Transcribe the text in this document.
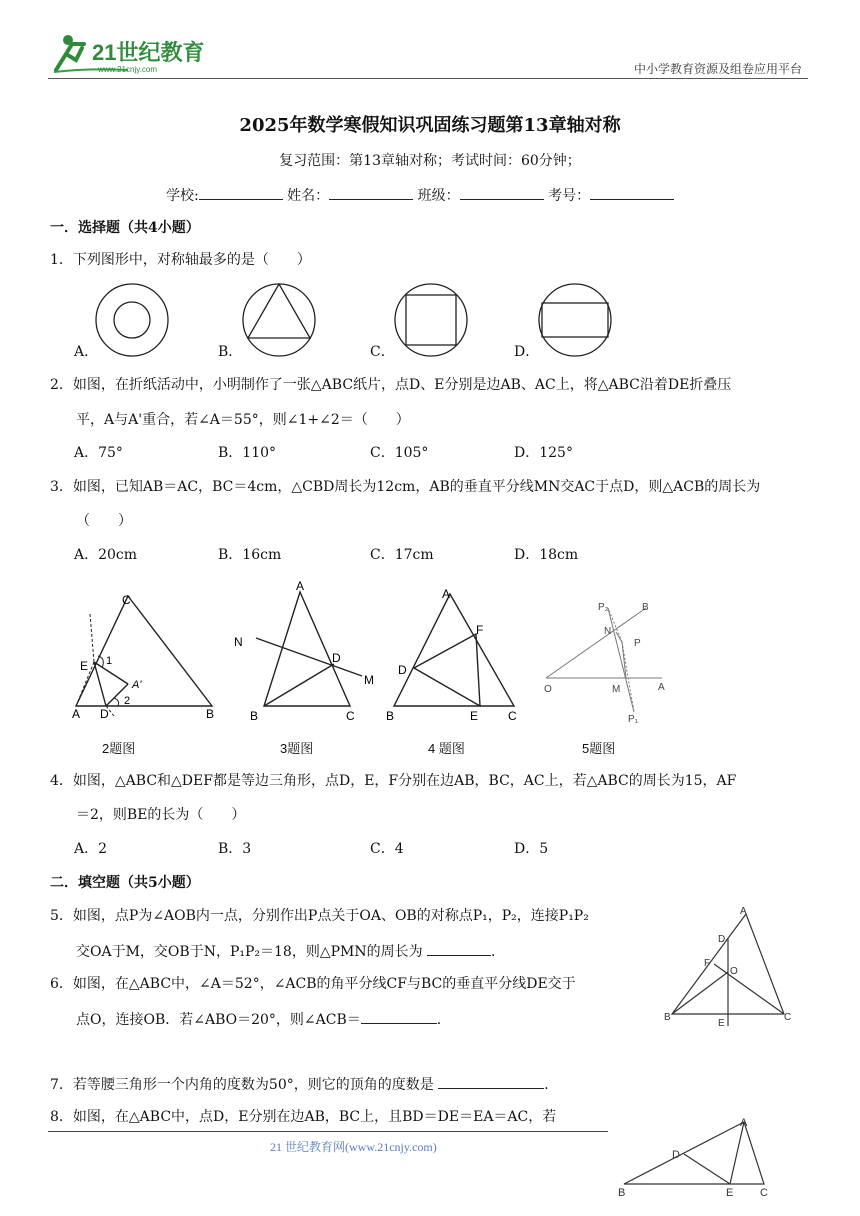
21世纪教育
www.21cnjy.com	中小学教育资源及组卷应用平台
2025年数学寒假知识巩固练习题第13章轴对称
复习范围：第13章轴对称；考试时间：60分钟；
学校:	姓名：	班级：	考号：
一．选择题（共4小题）
1．下列图形中，对称轴最多的是（　　）
A．	B．	C．	D．
2．如图，在折纸活动中，小明制作了一张△ABC纸片，点D、E分别是边AB、AC上，将△ABC沿着DE折叠压
平，A与A'重合，若∠A＝55°，则∠1+∠2＝（　　）
A．75°	B．110°	C．105°	D．125°
3．如图，已知AB＝AC，BC＝4cm，△CBD周长为12cm，AB的垂直平分线MN交AC于点D，则△ACB的周长为
（　　）
A．20cm	B．16cm	C．17cm	D．18cm
C
E 1
A'
2
A D	B
A
N
D
M
B	C
A
F
D
B	E C
P₂	B
N
P
O	M	A
P₁
2题图	3题图	4 题图	5题图
4．如图，△ABC和△DEF都是等边三角形，点D，E，F分别在边AB，BC，AC上，若△ABC的周长为15，AF
＝2，则BE的长为（　　）
A．2	B．3	C．4	D．5
二．填空题（共5小题）
5．如图，点P为∠AOB内一点，分别作出P点关于OA、OB的对称点P₁，P₂，连接P₁P₂
交OA于M，交OB于N，P₁P₂＝18，则△PMN的周长为	．
6．如图，在△ABC中，∠A＝52°，∠ACB的角平分线CF与BC的垂直平分线DE交于
点O，连接OB．若∠ABO＝20°，则∠ACB＝	．
A
D
F
O
B
E
C
7．若等腰三角形一个内角的度数为50°，则它的顶角的度数是	．
8．如图，在△ABC中，点D，E分别在边AB，BC上，且BD＝DE＝EA＝AC，若	A
D
B	E C
21 世纪教育网(www.21cnjy.com)
